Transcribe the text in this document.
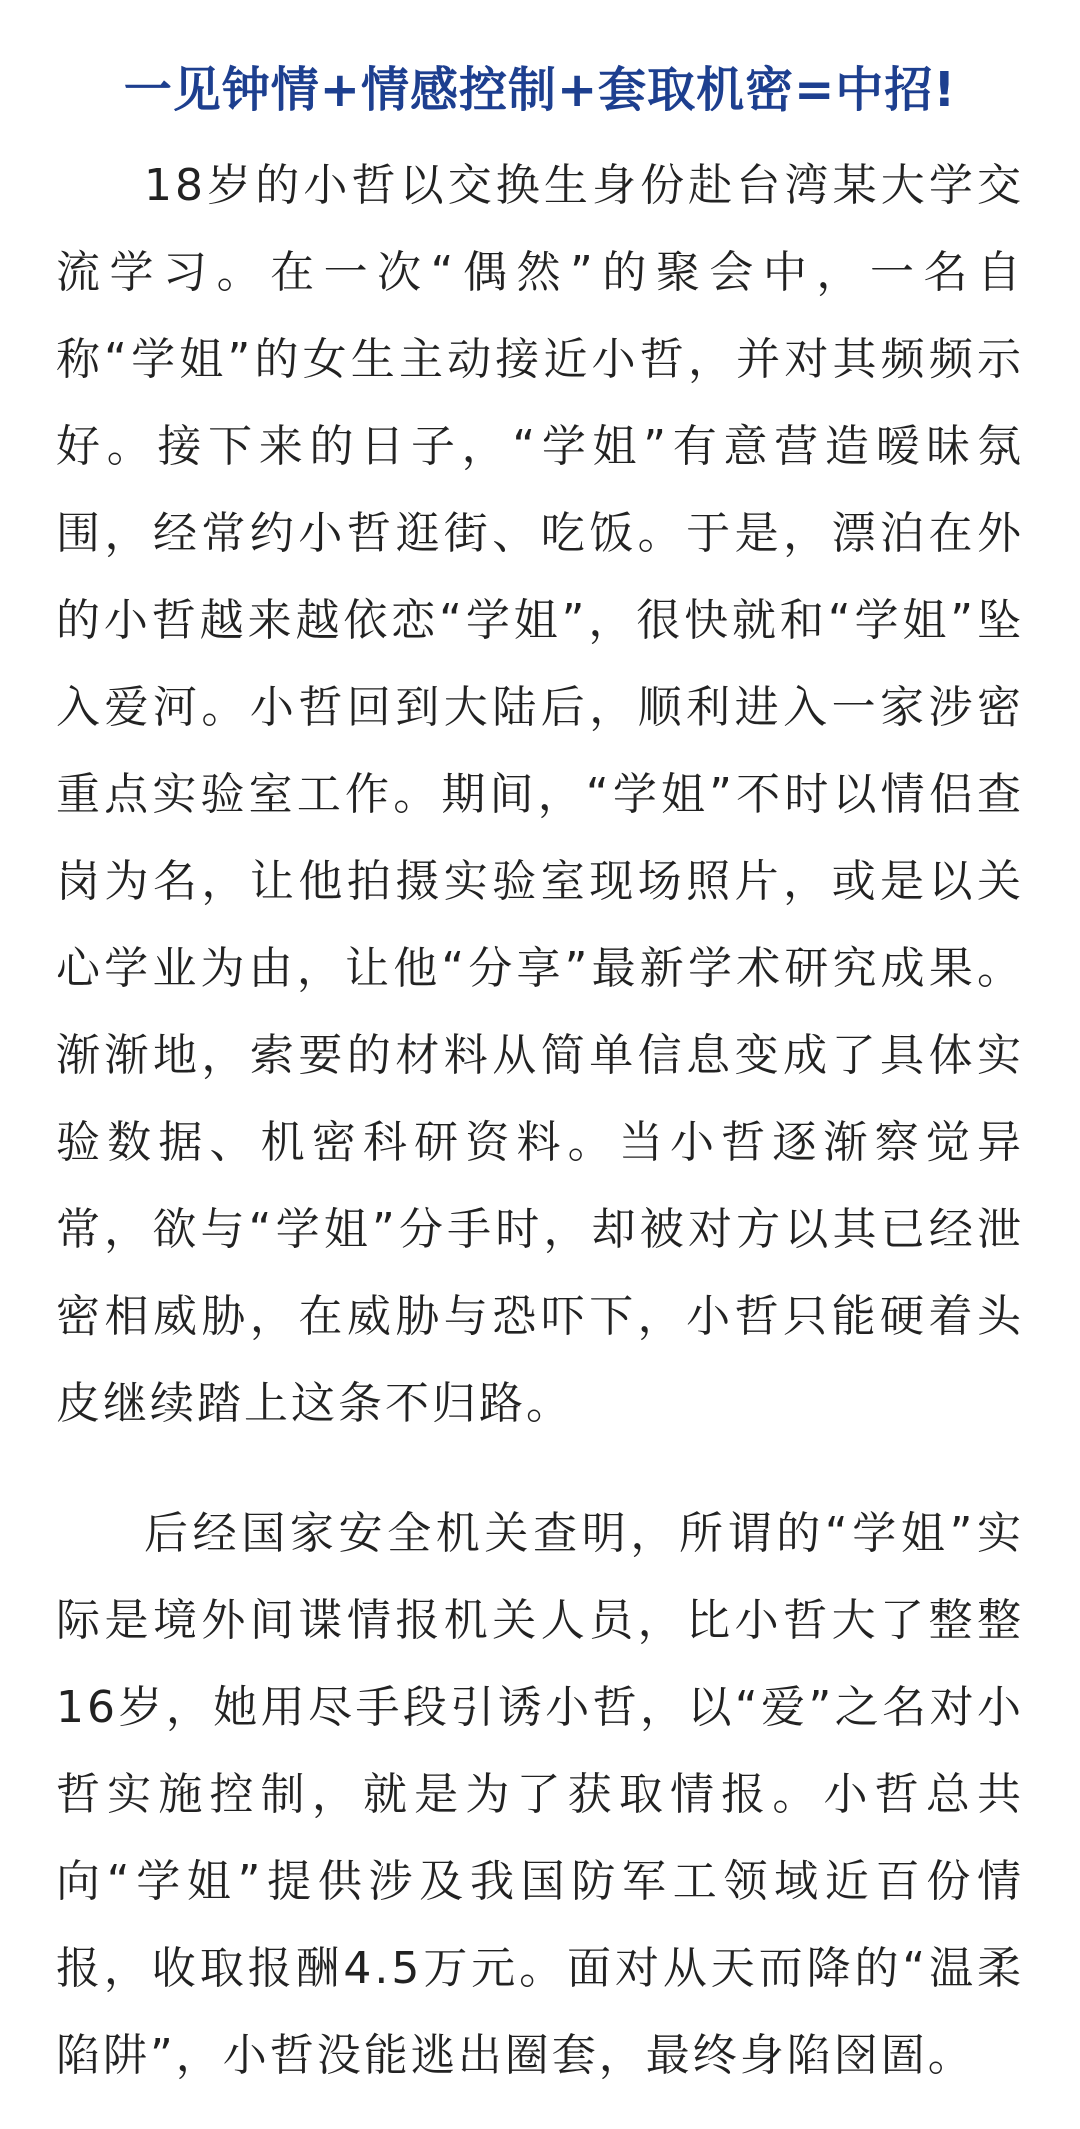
一见钟情+情感控制+套取机密=中招!

18岁的小哲以交换生身份赴台湾某大学交流学习。在一次“偶然”的聚会中，一名自称“学姐”的女生主动接近小哲，并对其频频示好。接下来的日子，“学姐”有意营造暧昧氛围，经常约小哲逛街、吃饭。于是，漂泊在外的小哲越来越依恋“学姐”，很快就和“学姐”坠入爱河。小哲回到大陆后，顺利进入一家涉密重点实验室工作。期间，“学姐”不时以情侣查岗为名，让他拍摄实验室现场照片，或是以关心学业为由，让他“分享”最新学术研究成果。渐渐地，索要的材料从简单信息变成了具体实验数据、机密科研资料。当小哲逐渐察觉异常，欲与“学姐”分手时，却被对方以其已经泄密相威胁，在威胁与恐吓下，小哲只能硬着头皮继续踏上这条不归路。

后经国家安全机关查明，所谓的“学姐”实际是境外间谍情报机关人员，比小哲大了整整16岁，她用尽手段引诱小哲，以“爱”之名对小哲实施控制，就是为了获取情报。小哲总共向“学姐”提供涉及我国防军工领域近百份情报，收取报酬4.5万元。面对从天而降的“温柔陷阱”，小哲没能逃出圈套，最终身陷囹圄。
